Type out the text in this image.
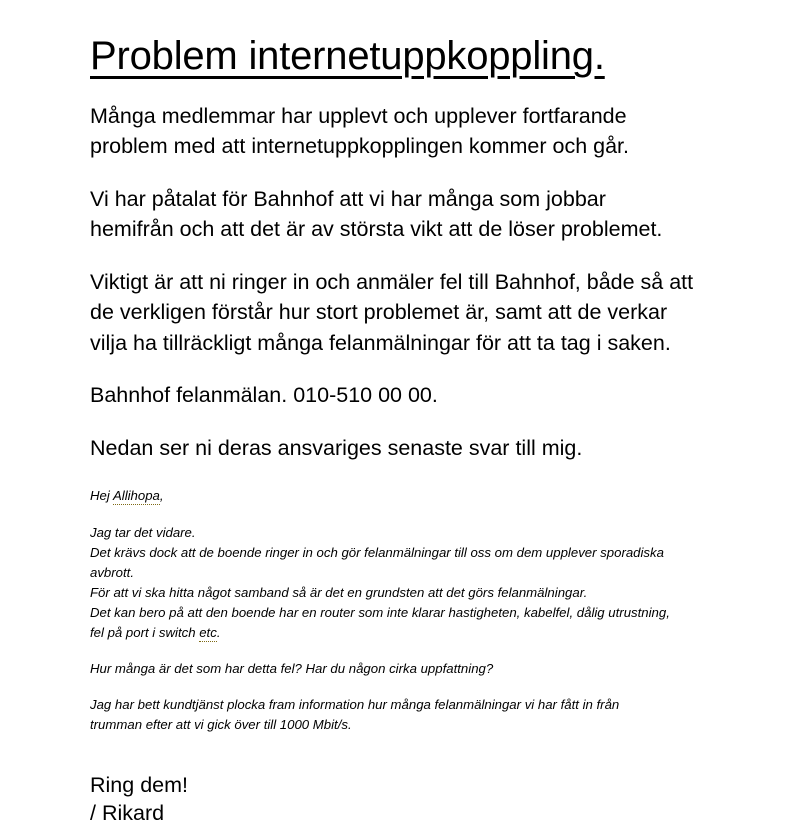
Problem internetuppkoppling.

Många medlemmar har upplevt och upplever fortfarande problem med att internetuppkopplingen kommer och går.

Vi har påtalat för Bahnhof att vi har många som jobbar hemifrån och att det är av största vikt att de löser problemet.

Viktigt är att ni ringer in och anmäler fel till Bahnhof, både så att de verkligen förstår hur stort problemet är, samt att de verkar vilja ha tillräckligt många felanmälningar för att ta tag i saken.

Bahnhof felanmälan. 010-510 00 00.

Nedan ser ni deras ansvariges senaste svar till mig.

Hej Allihopa,

Jag tar det vidare.
Det krävs dock att de boende ringer in och gör felanmälningar till oss om dem upplever sporadiska
avbrott.
För att vi ska hitta något samband så är det en grundsten att det görs felanmälningar.
Det kan bero på att den boende har en router som inte klarar hastigheten, kabelfel, dålig utrustning,
fel på port i switch etc.

Hur många är det som har detta fel? Har du någon cirka uppfattning?

Jag har bett kundtjänst plocka fram information hur många felanmälningar vi har fått in från
trumman efter att vi gick över till 1000 Mbit/s.

Ring dem!
/ Rikard
